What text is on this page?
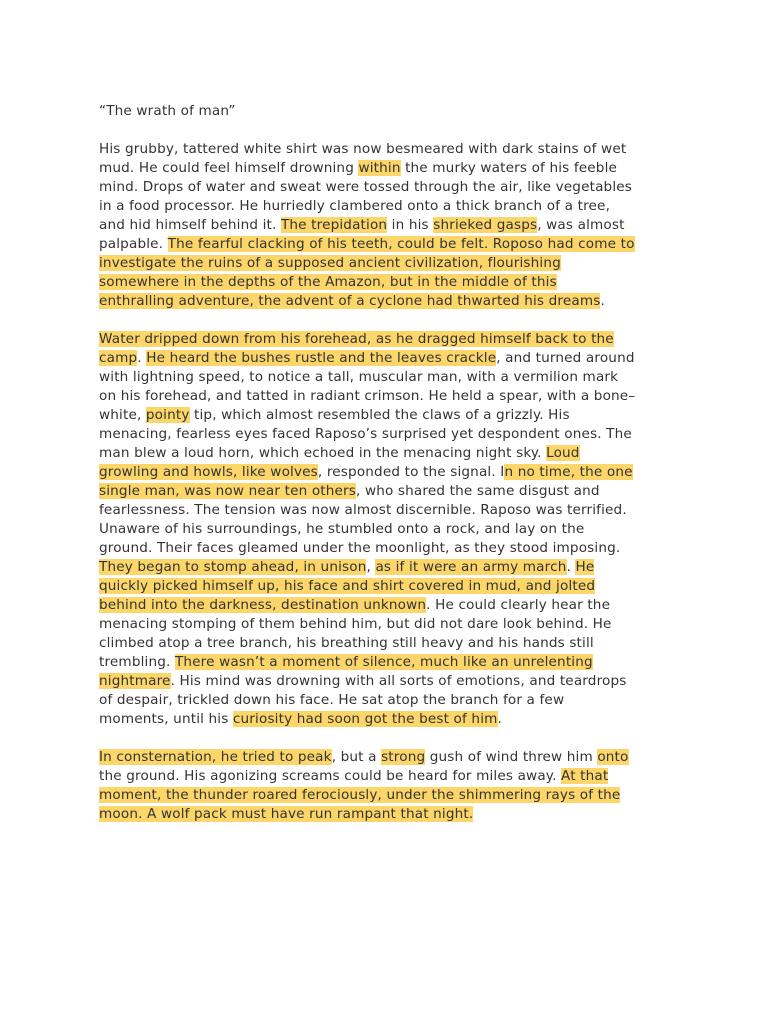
“The wrath of man”
His grubby, tattered white shirt was now besmeared with dark stains of wet
mud. He could feel himself drowning within the murky waters of his feeble
mind. Drops of water and sweat were tossed through the air, like vegetables
in a food processor. He hurriedly clambered onto a thick branch of a tree,
and hid himself behind it. The trepidation in his shrieked gasps, was almost
palpable. The fearful clacking of his teeth, could be felt. Roposo had come to
investigate the ruins of a supposed ancient civilization, flourishing
somewhere in the depths of the Amazon, but in the middle of this
enthralling adventure, the advent of a cyclone had thwarted his dreams.
Water dripped down from his forehead, as he dragged himself back to the
camp. He heard the bushes rustle and the leaves crackle, and turned around
with lightning speed, to notice a tall, muscular man, with a vermilion mark
on his forehead, and tatted in radiant crimson. He held a spear, with a bone–
white, pointy tip, which almost resembled the claws of a grizzly. His
menacing, fearless eyes faced Raposo’s surprised yet despondent ones. The
man blew a loud horn, which echoed in the menacing night sky. Loud
growling and howls, like wolves, responded to the signal. In no time, the one
single man, was now near ten others, who shared the same disgust and
fearlessness. The tension was now almost discernible. Raposo was terrified.
Unaware of his surroundings, he stumbled onto a rock, and lay on the
ground. Their faces gleamed under the moonlight, as they stood imposing.
They began to stomp ahead, in unison, as if it were an army march. He
quickly picked himself up, his face and shirt covered in mud, and jolted
behind into the darkness, destination unknown. He could clearly hear the
menacing stomping of them behind him, but did not dare look behind. He
climbed atop a tree branch, his breathing still heavy and his hands still
trembling. There wasn’t a moment of silence, much like an unrelenting
nightmare. His mind was drowning with all sorts of emotions, and teardrops
of despair, trickled down his face. He sat atop the branch for a few
moments, until his curiosity had soon got the best of him.
In consternation, he tried to peak, but a strong gush of wind threw him onto
the ground. His agonizing screams could be heard for miles away. At that
moment, the thunder roared ferociously, under the shimmering rays of the
moon. A wolf pack must have run rampant that night.
